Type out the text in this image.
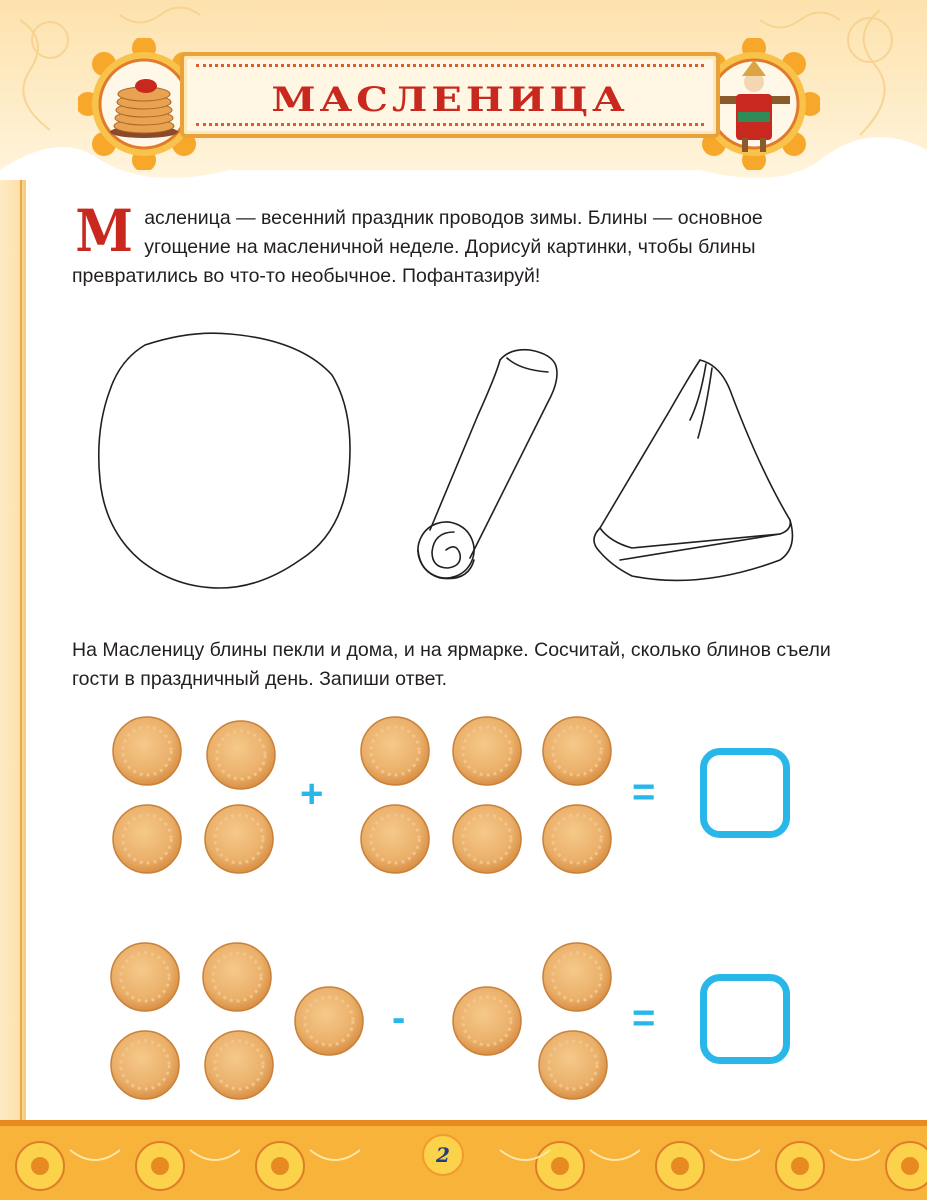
МАСЛЕНИЦА
Масленица — весенний праздник проводов зимы. Блины — основное угощение на масленичной неделе. Дорисуй картинки, чтобы блины превратились во что-то необычное. Пофантазируй!
На Масленицу блины пекли и дома, и на ярмарке. Сосчитай, сколько блинов съели гости в праздничный день. Запиши ответ.
+	=
-	=
2
